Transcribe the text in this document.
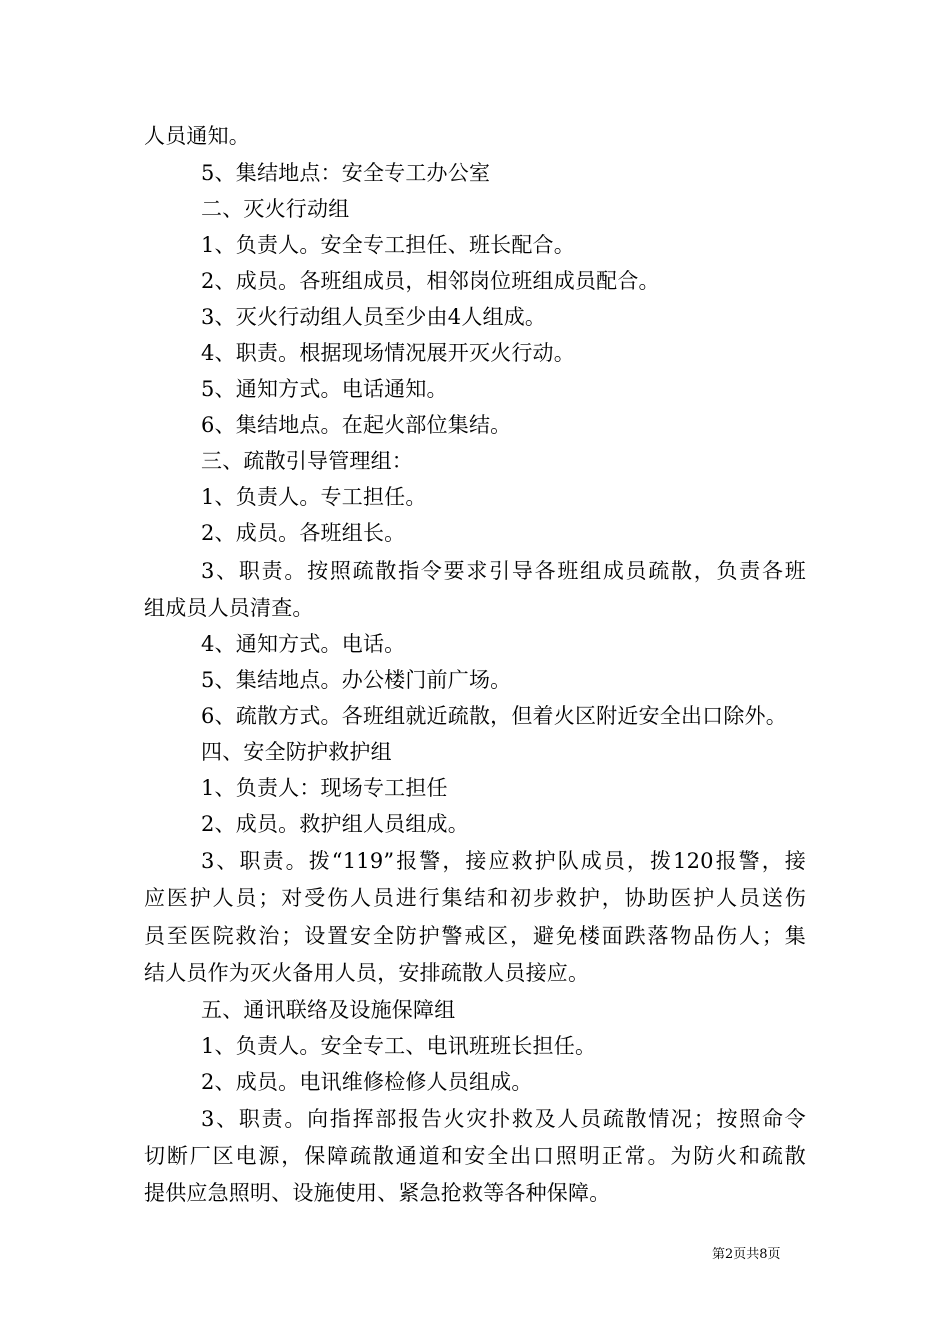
人员通知。
5、集结地点：安全专工办公室
二、灭火行动组
1、负责人。安全专工担任、班长配合。
2、成员。各班组成员，相邻岗位班组成员配合。
3、灭火行动组人员至少由4人组成。
4、职责。根据现场情况展开灭火行动。
5、通知方式。电话通知。
6、集结地点。在起火部位集结。
三、疏散引导管理组：
1、负责人。专工担任。
2、成员。各班组长。
3、职责。按照疏散指令要求引导各班组成员疏散，负责各班
组成员人员清查。
4、通知方式。电话。
5、集结地点。办公楼门前广场。
6、疏散方式。各班组就近疏散，但着火区附近安全出口除外。
四、安全防护救护组
1、负责人：现场专工担任
2、成员。救护组人员组成。
3、职责。拨“119”报警，接应救护队成员，拨120报警，接
应医护人员；对受伤人员进行集结和初步救护，协助医护人员送伤
员至医院救治；设置安全防护警戒区，避免楼面跌落物品伤人；集
结人员作为灭火备用人员，安排疏散人员接应。
五、通讯联络及设施保障组
1、负责人。安全专工、电讯班班长担任。
2、成员。电讯维修检修人员组成。
3、职责。向指挥部报告火灾扑救及人员疏散情况；按照命令
切断厂区电源，保障疏散通道和安全出口照明正常。为防火和疏散
提供应急照明、设施使用、紧急抢救等各种保障。
第2页共8页
